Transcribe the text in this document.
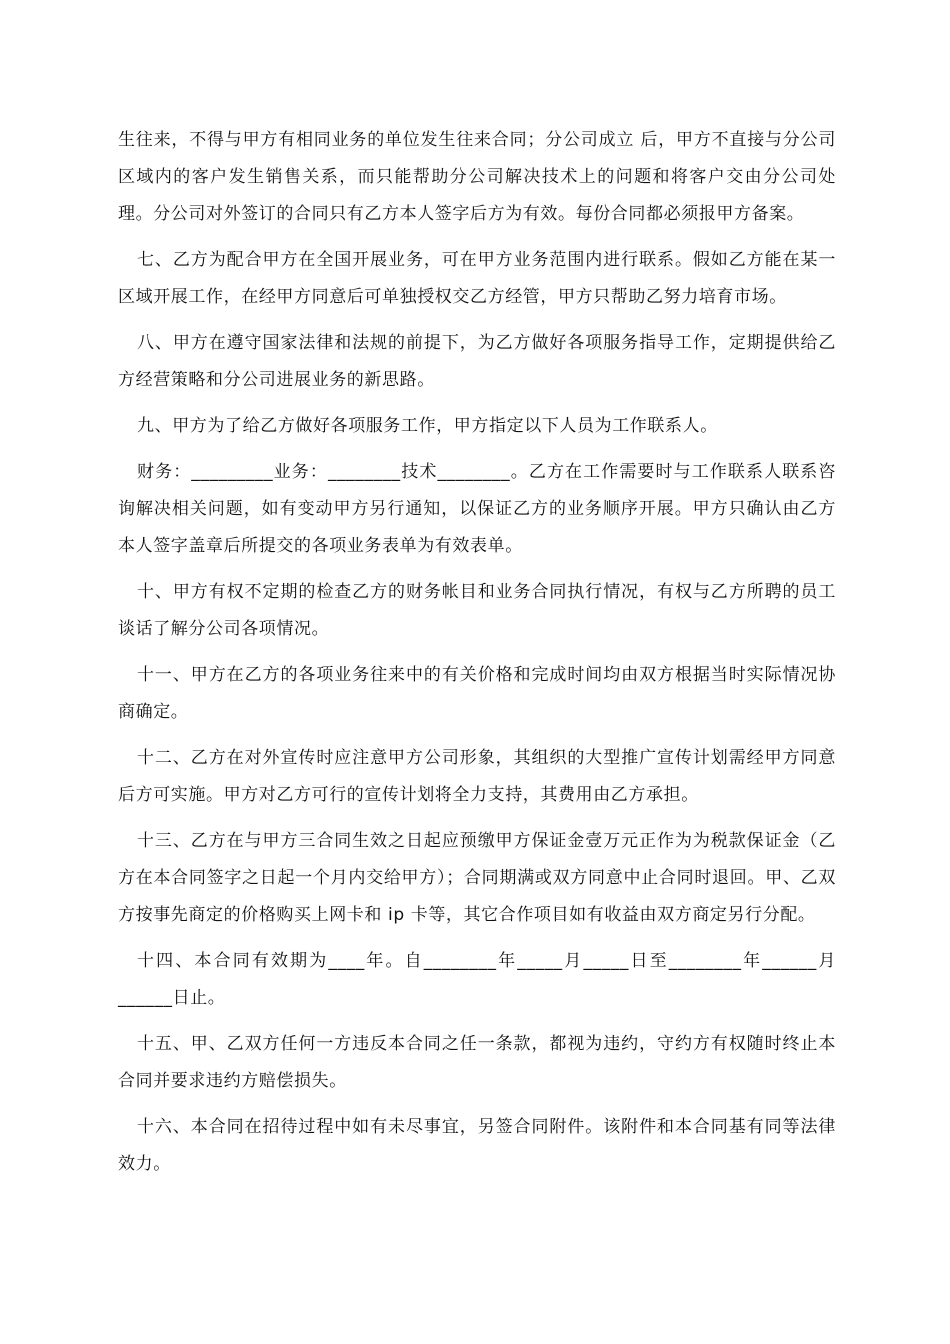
生往来，不得与甲方有相同业务的单位发生往来合同；分公司成立 后，甲方不直接与分公司区域内的客户发生销售关系，而只能帮助分公司解决技术上的问题和将客户交由分公司处理。分公司对外签订的合同只有乙方本人签字后方为有效。每份合同都必须报甲方备案。

七、乙方为配合甲方在全国开展业务，可在甲方业务范围内进行联系。假如乙方能在某一区域开展工作，在经甲方同意后可单独授权交乙方经管，甲方只帮助乙努力培育市场。

八、甲方在遵守国家法律和法规的前提下，为乙方做好各项服务指导工作，定期提供给乙方经营策略和分公司进展业务的新思路。

九、甲方为了给乙方做好各项服务工作，甲方指定以下人员为工作联系人。

财务：_________业务：________技术________。乙方在工作需要时与工作联系人联系咨询解决相关问题，如有变动甲方另行通知，以保证乙方的业务顺序开展。甲方只确认由乙方本人签字盖章后所提交的各项业务表单为有效表单。

十、甲方有权不定期的检查乙方的财务帐目和业务合同执行情况，有权与乙方所聘的员工谈话了解分公司各项情况。

十一、甲方在乙方的各项业务往来中的有关价格和完成时间均由双方根据当时实际情况协商确定。

十二、乙方在对外宣传时应注意甲方公司形象，其组织的大型推广宣传计划需经甲方同意后方可实施。甲方对乙方可行的宣传计划将全力支持，其费用由乙方承担。

十三、乙方在与甲方三合同生效之日起应预缴甲方保证金壹万元正作为为税款保证金（乙方在本合同签字之日起一个月内交给甲方）；合同期满或双方同意中止合同时退回。甲、乙双方按事先商定的价格购买上网卡和 ip 卡等，其它合作项目如有收益由双方商定另行分配。

十四、本合同有效期为____年。自________年_____月_____日至________年______月______日止。

十五、甲、乙双方任何一方违反本合同之任一条款，都视为违约，守约方有权随时终止本合同并要求违约方赔偿损失。

十六、本合同在招待过程中如有未尽事宜，另签合同附件。该附件和本合同基有同等法律效力。
